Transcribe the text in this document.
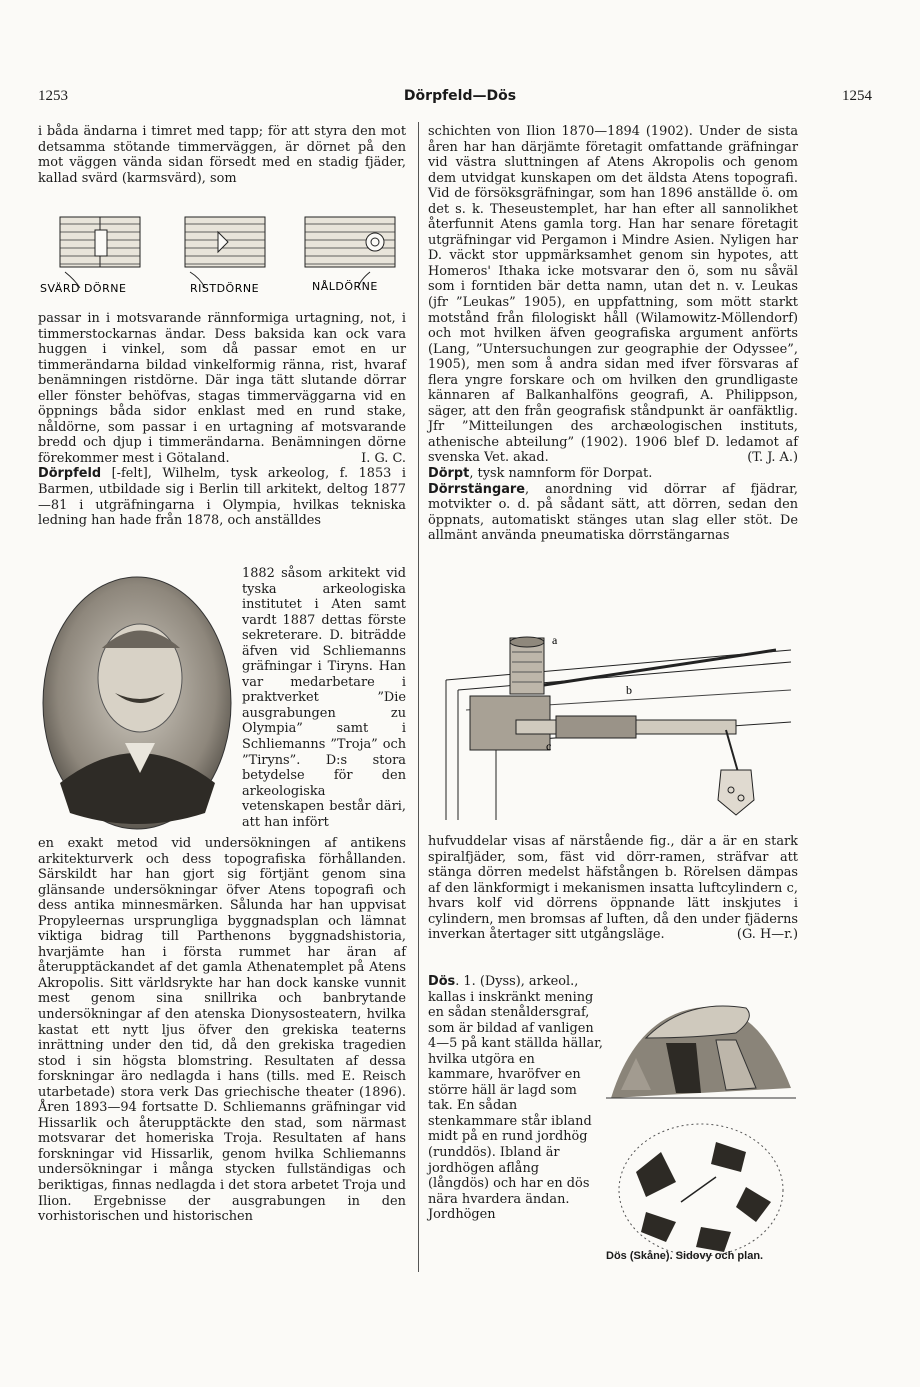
1253	Dörpfeld—Dös	1254

i båda ändarna i timret med tapp; för att styra den mot detsamma stötande timmerväggen, är dörnet på den mot väggen vända sidan försedt med en stadig fjäder, kallad svärd (karmsvärd), som

SVÄRD DÖRNE	RISTDÖRNE	NÅLDÖRNE

passar in i motsvarande rännformiga urtagning, not, i timmerstockarnas ändar. Dess baksida kan ock vara huggen i vinkel, som då passar emot en ur timmerändarna bildad vinkelformig ränna, rist, hvaraf benämningen ristdörne. Där inga tätt slutande dörrar eller fönster behöfvas, stagas timmerväggarna vid en öppnings båda sidor enklast med en rund stake, nåldörne, som passar i en urtagning af motsvarande bredd och djup i timmerändarna. Benämningen dörne förekommer mest i Götaland.	I. G. C.

Dörpfeld [-felt], Wilhelm, tysk arkeolog, f. 1853 i Barmen, utbildade sig i Berlin till arkitekt, deltog 1877—81 i utgräfningarna i Olympia, hvilkas tekniska ledning han hade från 1878, och anställdes

1882 såsom arkitekt vid tyska arkeologiska institutet i Aten samt vardt 1887 dettas förste sekreterare. D. biträdde äfven vid Schliemanns gräfningar i Tiryns. Han var medarbetare i praktverket ”Die ausgrabungen zu Olympia” samt i Schliemanns ”Troja” och ”Tiryns”. D:s stora betydelse för den arkeologiska vetenskapen består däri, att han infört

en exakt metod vid undersökningen af antikens arkitekturverk och dess topografiska förhållanden. Särskildt har han gjort sig förtjänt genom sina glänsande undersökningar öfver Atens topografi och dess antika minnesmärken. Sålunda har han uppvisat Propyleernas ursprungliga byggnadsplan och lämnat viktiga bidrag till Parthenons byggnadshistoria, hvarjämte han i första rummet har äran af återupptäckandet af det gamla Athenatemplet på Atens Akropolis. Sitt världsrykte har han dock kanske vunnit mest genom sina snillrika och banbrytande undersökningar af den atenska Dionysosteatern, hvilka kastat ett nytt ljus öfver den grekiska teaterns inrättning under den tid, då den grekiska tragedien stod i sin högsta blomstring. Resultaten af dessa forskningar äro nedlagda i hans (tills. med E. Reisch utarbetade) stora verk Das griechische theater (1896). Åren 1893—94 fortsatte D. Schliemanns gräfningar vid Hissarlik och återupptäckte den stad, som närmast motsvarar det homeriska Troja. Resultaten af hans forskningar vid Hissarlik, genom hvilka Schliemanns undersökningar i många stycken fullständigas och beriktigas, finnas nedlagda i det stora arbetet Troja und Ilion. Ergebnisse der ausgrabungen in den vorhistorischen und historischen

schichten von Ilion 1870—1894 (1902). Under de sista åren har han därjämte företagit omfattande gräfningar vid västra sluttningen af Atens Akropolis och genom dem utvidgat kunskapen om det äldsta Atens topografi. Vid de försöksgräfningar, som han 1896 anställde ö. om det s. k. Theseustemplet, har han efter all sannolikhet återfunnit Atens gamla torg. Han har senare företagit utgräfningar vid Pergamon i Mindre Asien. Nyligen har D. väckt stor uppmärksamhet genom sin hypotes, att Homeros' Ithaka icke motsvarar den ö, som nu såväl som i forntiden bär detta namn, utan det n. v. Leukas (jfr ”Leukas” 1905), en uppfattning, som mött starkt motstånd från filologiskt håll (Wilamowitz-Möllendorf) och mot hvilken äfven geografiska argument anförts (Lang, ”Untersuchungen zur geographie der Odyssee”, 1905), men som å andra sidan med ifver försvaras af flera yngre forskare och om hvilken den grundligaste kännaren af Balkanhalföns geografi, A. Philippson, säger, att den från geografisk ståndpunkt är oanfäktlig. Jfr ”Mitteilungen des archæologischen instituts, athenische abteilung” (1902). 1906 blef D. ledamot af svenska Vet. akad.	(T. J. A.)

Dörpt, tysk namnform för Dorpat.

Dörrstängare, anordning vid dörrar af fjädrar, motvikter o. d. på sådant sätt, att dörren, sedan den öppnats, automatiskt stänges utan slag eller stöt. De allmänt använda pneumatiska dörrstängarnas

a
b
c

hufvuddelar visas af närstående fig., där a är en stark spiralfjäder, som, fäst vid dörr-ramen, sträfvar att stänga dörren medelst häfstången b. Rörelsen dämpas af den länkformigt i mekanismen insatta luftcylindern c, hvars kolf vid dörrens öppnande lätt inskjutes i cylindern, men bromsas af luften, då den under fjäderns inverkan återtager sitt utgångsläge.	(G. H—r.)

Dös. 1. (Dyss), arkeol., kallas i inskränkt mening en sådan stenåldersgraf, som är bildad af vanligen 4—5 på kant ställda hällar, hvilka utgöra en kammare, hvaröfver en större häll är lagd som tak. En sådan stenkammare står ibland midt på en rund jordhög (runddös). Ibland är jordhögen aflång (långdös) och har en dös nära hvardera ändan. Jordhögen

Dös (Skåne). Sidovy och plan.
